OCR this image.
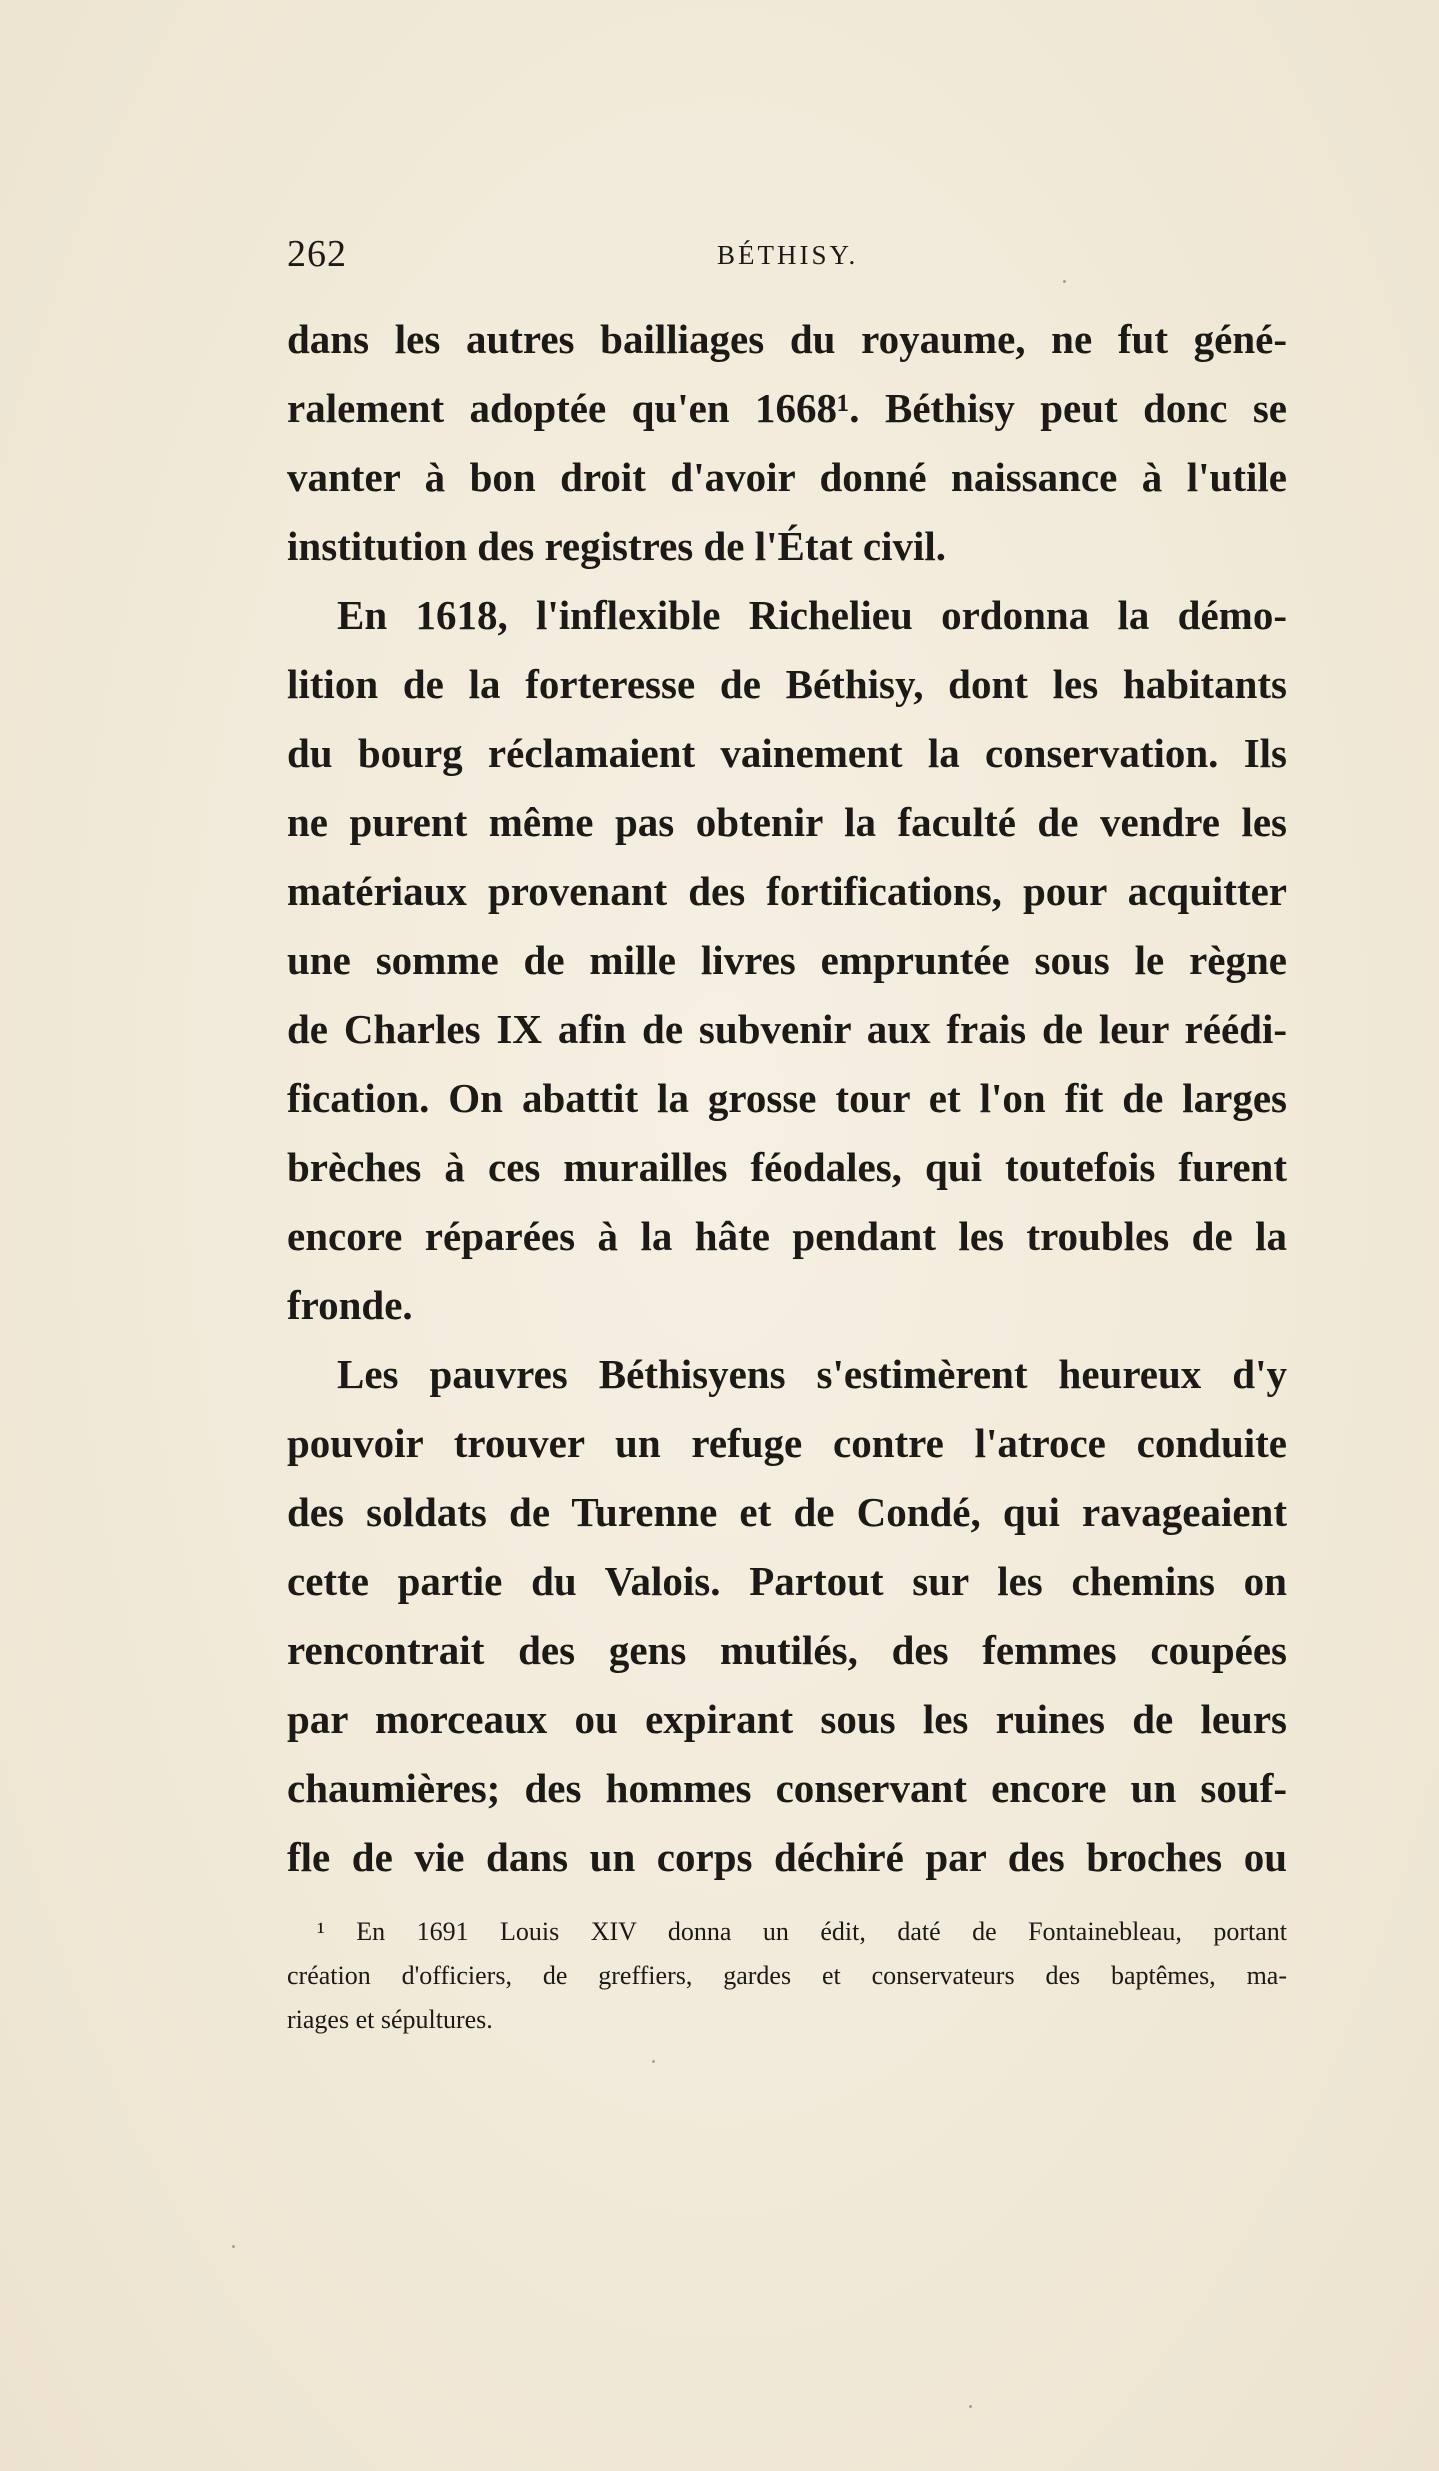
262	BÉTHISY.
dans les autres bailliages du royaume, ne fut géné-
ralement adoptée qu'en 1668¹. Béthisy peut donc se
vanter à bon droit d'avoir donné naissance à l'utile
institution des registres de l'État civil.
En 1618, l'inflexible Richelieu ordonna la démo-
lition de la forteresse de Béthisy, dont les habitants
du bourg réclamaient vainement la conservation. Ils
ne purent même pas obtenir la faculté de vendre les
matériaux provenant des fortifications, pour acquitter
une somme de mille livres empruntée sous le règne
de Charles IX afin de subvenir aux frais de leur réédi-
fication. On abattit la grosse tour et l'on fit de larges
brèches à ces murailles féodales, qui toutefois furent
encore réparées à la hâte pendant les troubles de la
fronde.
Les pauvres Béthisyens s'estimèrent heureux d'y
pouvoir trouver un refuge contre l'atroce conduite
des soldats de Turenne et de Condé, qui ravageaient
cette partie du Valois. Partout sur les chemins on
rencontrait des gens mutilés, des femmes coupées
par morceaux ou expirant sous les ruines de leurs
chaumières; des hommes conservant encore un souf-
fle de vie dans un corps déchiré par des broches ou
¹ En 1691 Louis XIV donna un édit, daté de Fontainebleau, portant
création d'officiers, de greffiers, gardes et conservateurs des baptêmes, ma-
riages et sépultures.
